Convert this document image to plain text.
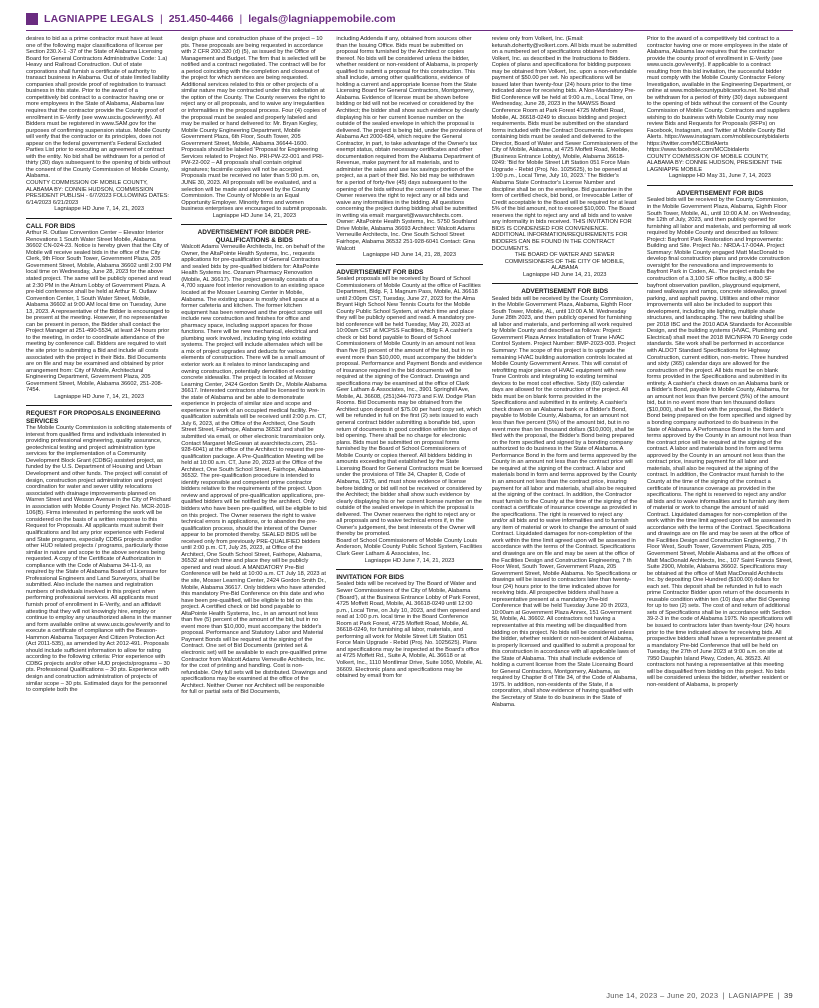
LAGNIAPPE LEGALS | 251.450-4466 | legals@lagniappemobile.com

desires to bid as a prime contractor must have at least one of the following major classifications of license per Section 230.X-1 -37 of the State of Alabama Licensing Board for General Contractors Administrative Code: 1.a) Heavy and Railroad Construction. Out of state corporations shall furnish a certificate of authority to transact business in Alabama. Out of state limited liability companies shall provide proof of registration to transact business in this state. Prior to the award of a competitively bid contract to a contractor having one or more employees in the State of Alabama, Alabama law requires that the contractor provide the County proof of enrollment in E-Verify (see www.uscis.gov/everify). All Bidders must be registered in www.SAM.gov for the purposes of confirming suspension status. Mobile County will verify that the contractor or its principles, does not appear on the federal government's Federal Excluded Parties List prior to executing an agreement of contract with the entity. No bid shall be withdrawn for a period of thirty (30) days subsequent to the opening of bids without the consent of the County Commission of Mobile County, Alabama.

COUNTY COMMISSION OF MOBILE COUNTY, ALABAMA BY: CONNIE HUDSON, COMMISSION PRESIDENT PUBLISH - 6/7/2023 FOLLOWING DATES: 6/14/2023 6/21/2023

Lagniappe HD June 7, 14, 21, 2023

CALL FOR BIDS

Arthur R. Outlaw Convention Center – Elevator Interior Renovations 1 South Water Street Mobile, Alabama 36602 CN-024-23. Notice is hereby given that the City of Mobile will receive sealed bids in the office of the City Clerk, 9th Floor South Tower, Government Plaza, 205 Government Street, Mobile, Alabama 36602 until 2:00 PM local time on Wednesday, June 28, 2023 for the above stated project. The same will be publicly opened and read at 2:30 PM in the Atrium Lobby of Government Plaza. A pre-bid conference shall be held at Arthur R. Outlaw Convention Center, 1 South Water Street, Mobile, Alabama 36602 at 9:00 AM local time on Tuesday, June 13, 2023. A representative of the Bidder is encouraged to be present at the meeting. However, if no representative can be present in person, the Bidder shall contact the Project Manager at 251-490-5534, at least 24 hours prior to the meeting, in order to coordinate attendance of the meeting by conference call. Bidders are required to visit the site prior to submitting a Bid and include all costs associated with the project in their Bids. Bid Documents are on file and may be examined and obtained by prior arrangement from: City of Mobile, Architectural Engineering Department, Government Plaza, 205 Government Street, Mobile, Alabama 36602, 251-208-7454.

Lagniappe HD June 7, 14, 21, 2023

REQUEST FOR PROPOSALS ENGINEERING SERVICES

The Mobile County Commission is soliciting statements of interest from qualified firms and individuals interested in providing professional engineering, quality assurance, geotechnical testing and project administration type services for the implementation of a Community Development Block Grant (CDBG) assisted project, as funded by the U.S. Department of Housing and Urban Development and other funds. The project will consist of design, construction project administration and project coordination for water and sewer utility relocations associated with drainage improvements planned on Warren Street and Wesson Avenue in the City of Prichard in association with Mobile County Project No. MCR-2018-106(B). Firms interested in performing the work will be considered on the basis of a written response to this Request for Proposals. All applicants must submit their qualifications and list any prior experience with Federal and State programs, especially CDBG projects and/or other HUD related projects / programs, particularly those similar in nature and scope to the above services being requested. A copy of the Certificate of Authorization in compliance with the Code of Alabama 34-11-9, as required by the State of Alabama Board of Licensure for Professional Engineers and Land Surveyors, shall be submitted. Also include the names and registration numbers of individuals involved in this project when performing professional services. All applicants must furnish proof of enrollment in E-Verify, and an affidavit attesting that they will not knowingly hire, employ or continue to employ any unauthorized aliens in the manner and form available online at www.uscis.gov/everify and to execute a certificate of compliance with the Beason-Hammon Alabama Taxpayer And Citizen Protection Act (Act 2011-535), as amended by Act 2012-491. Proposals should include sufficient information to allow for rating according to the following criteria: Prior experience with CDBG projects and/or other HUD projects/programs – 30 pts. Professional Qualifications – 30 pts. Experience with design and construction administration of projects of similar scope – 30 pts. Estimated days for the personnel to complete both the

design phase and construction phase of the project – 10 pts. These proposals are being requested in accordance with 2 CFR 200.320 (d) (5), as issued by the Office of Management and Budget. The firm that is selected will be notified and a contract negotiated. The contract will be for a period coinciding with the completion and closeout of the project for which services are being requested. Additional services related to this or other projects of a similar nature may be contracted under this solicitation at the option of the County. The County reserves the right to reject any or all proposals, and to waive any irregularities or informalities in the proposal process. Four (4) copies of the proposal must be sealed and properly labeled and may be mailed or hand delivered to: Mr. Bryan Kegley, Mobile County Engineering Department, Mobile Government Plaza, 6th Floor, South Tower, 205 Government Street, Mobile, Alabama 36644-1600. Proposals should be labeled 'Proposal for Engineering Services related to Project No. PRI-PW-22-001 and PRI-PW-22-002 – All proposals shall contain original signatures; facsimile copies will not be accepted. Proposals must be received no later than 5:00 p.m. on, JUNE 30, 2023. All proposals will be evaluated, and a selection will be made and approved by the County Commission. The County of Mobile is an Equal Opportunity Employer. Minority firms and women business enterprises are encouraged to submit proposals.

Lagniappe HD June 14, 21, 2023

ADVERTISEMENT FOR BIDDER PRE-QUALIFICATIONS & BIDS

Walcott Adams Verneuille Architects, Inc. on behalf of the Owner, the AltaPointe Health Systems, Inc., requests applications for pre-qualification of General Contractors and sealed bids by pre-qualified bidders for: AltaPointe Health Systems Inc. Ozanam Pharmacy Renovation (Mobile, AL 36617). The project generally consists of a 4,700 square foot interior renovation to an existing space located at the Mosser Learning Center in Mobile, Alabama. The existing space is mostly shell space at a former cafeteria and kitchen. The former kitchen equipment has been removed and the project scope will include new construction and finishes for office and pharmacy space, including support spaces for those functions. There will be new mechanical, electrical and plumbing work involved, including tying into existing systems. The project will include alternates which will be a mix of project upgrades and deducts for various elements of construction. There will be a small amount of exterior work as it relates to minor landscaping and owning construction, potentially demolition of existing concrete sidewalks. The project is located at Mosser Learning Center, 2424 Gordon Smith Dr., Mobile Alabama 36617. Interested contractors shall be licensed to work in the state of Alabama and be able to demonstrate experience in projects of similar size and scope and experience in work of an occupied medical facility. Pre-qualification submittals will be received until 2:00 p.m. CT, July 6, 2023, at the Office of the Architect, One South Street Street, Fairhope, Alabama 36532 and shall be submitted via email, or other electronic transmission only. Contact Margaret McGowan at avarchitects.com, 251-928-6041) at the office of the Architect to request the pre-qualification package. A Pre-Qualification Meeting will be held at 10:00 a.m. CT, June 20, 2023 at the Office of the Architect, One South School Street, Fairhope, Alabama 36532. The pre-qualification procedure is intended to identify responsible and competent prime contractor bidders relative to the requirements of the project. Upon review and approval of pre-qualification applications, pre-qualified bidders will be notified by the architect. Only bidders who have been pre-qualified, will be eligible to bid on this project. The Owner reserves the right to waive technical errors in applications, or to abandon the pre-qualification process, should the interest of the Owner appear to be promoted thereby. SEALED BIDS will be received only from previously PRE-QUALIFIED bidders until 2:00 p.m. CT, July 25, 2023, at Office of the Architect, One South School Street, Fairhope, Alabama, 36532 at which time and place they will be publicly opened and read aloud. A MANDATORY Pre-Bid Conference will be held at 10:00 a.m. CT July 18, 2023 at the site, Mosser Learning Center, 2424 Gordon Smith Dr., Mobile, Alabama 36617. Only bidders who have attended this mandatory Pre-Bid Conference on this date and who have been pre-qualified, will be eligible to bid on this project. A certified check or bid bond payable to AltaPointe Health Systems, Inc., in an amount not less than five (5) percent of the amount of the bid, but in no event more than $10,000, must accompany the bidder's proposal. Performance and Statutory Labor and Material Payment Bonds will be required at the signing of the Contract. One set of Bid Documents (printed set & electronic set) will be available to each pre-qualified prime Contractor from Walcott Adams Verneuille Architects, Inc. for the cost of printing and handling. Cost is non-refundable. Only full sets will be distributed. Drawings and specifications may be examined at the office of the Architect. Neither Owner nor Architect will be responsible for full or partial sets of Bid Documents,

including Addenda if any, obtained from sources other than the Issuing Office. Bids must be submitted on proposal forms furnished by the Architect or copies thereof. No bids will be considered unless the bidder, whether resident or non-resident of Alabama, is properly qualified to submit a proposal for this construction. This shall include, among other qualifications, evidence of holding a current and appropriate license from the State Licensing Board for General Contractors, Montgomery, Alabama. Evidence of license must be shown before bidding or bid will not be received or considered by the Architect; the bidder shall show such evidence by clearly displaying his or her current license number on the outside of the sealed envelope in which the proposal is delivered. The project is being bid, under the provisions of Alabama Act 2000-684, which require the General Contractor, in part, to take advantage of the Owner's tax exempt status, obtain necessary certificates and other documentation required from the Alabama Department of Revenue, make payment for all materials, and to administer the sales and use tax savings portion of the project, as a part of their Bid. No bid may be withdrawn for a period of forty-five (45) days subsequent to the opening of the bids without the consent of the Owner. The Owner reserves the right to reject any or all bids and waive any informalities in the bidding. All questions concerning the project during bidding shall be submitted in writing via email: margaret@wavarchitects.com.

Owner: AltaPointe Health Systems, Inc. 5750 Southland Drive Mobile, Alabama 36693 Architect: Walcott Adams Verneuille Architects, Inc. One South School Street Fairhope, Alabama 36532 251-928-6041 Contact: Gina Walcott

Lagniappe HD June 14, 21, 28, 2023

ADVERTISEMENT FOR BIDS

Sealed proposals will be received by Board of School Commissioners of Mobile County at the office of Facilities Department, Bldg. F, 1 Magnum Pass, Mobile, AL 36618 until 2:00pm CST, Tuesday, June 27, 2023 for the Alma Bryant High School New Tennis Courts for the Mobile County Public School System, at which time and place they will be publicly opened and read. A mandatory pre-bid conference will be held Tuesday, May 20, 2023 at 10:00am CST at MCPSS Facilities, Bldg F. A cashier's check or bid bond payable to Board of School Commissioners of Mobile County in an amount not less than five (5) percent of the amount of the bid, but in no event more than $10,000, must accompany the bidder's proposal. Performance and Payment Bonds and evidence of insurance required in the bid documents will be required at the signing of the Contract. Drawings and specifications may be examined at the office of Clark Geer Latham & Associates, Inc., 3901 Springhill Ave, Mobile, AL 36608, (251)344-7073 and F.W. Dodge Plan Rooms. Bid Documents may be obtained from the Architect upon deposit of $75.00 per hard copy set, which will be refunded in full on the first (2) sets issued to each general contract bidder submitting a bonafide bid, upon return of documents in good condition within ten days of bid opening. There shall be no charge for electronic plans. Bids must be submitted on proposal forms furnished by the Board of School Commissioners of Mobile County or copies thereof. All bidders bidding in amounts exceeding that established by the State Licensing Board for General Contractors must be licensed under the provisions of Title 34, Chapter 8, Code of Alabama, 1975, and must show evidence of license before bidding or bid will not be received or considered by the Architect; the bidder shall show such evidence by clearly displaying his or her current license number on the outside of the sealed envelope in which the proposal is delivered. The Owner reserves the right to reject any or all proposals and to waive technical errors if, in the Owner's judgement, the best interests of the Owner will thereby be promoted.

Board of School Commissioners of Mobile County Louis Anderson, Mobile County Public School System, Facilities Clark Geer Latham & Associates, Inc.

Lagniappe HD June 7, 14, 21, 2023

INVITATION FOR BIDS

Sealed bids will be received by The Board of Water and Sewer Commissioners of the City of Mobile, Alabama ('Board'), at the Business Entrance Lobby of Park Forest, 4725 Moffett Road, Mobile, AL 36618-0249 until 12:00 p.m., Local Time, on July 10, 2023, and then opened and read at 1:00 p.m. local time in the Board Conference Room at Park Forest, 4725 Moffett Road, Mobile, AL 36618-0249, for furnishing all labor, materials, and performing all work for Mobile Street Lift Station 051 Force Main Upgrade - Rebid (Proj. No. 1025625). Plans and specifications may be inspected at the Board's office at 4725 Moffett Rd., Suite A, Mobile, AL 36618 or at Volkert, Inc., 1110 Montlimar Drive, Suite 1050, Mobile, AL 36609. Electronic plans and specifications may be obtained by email from for

review only from Volkert, Inc. (Email: keturah.dohertty@volkert.com. All bids must be submitted on a numbered set of specifications obtained from Volkert, Inc. as described in the Instructions to Bidders. Copies of plans and specifications for bidding purposes may be obtained from Volkert, Inc. upon a non-refundable payment of $50.00 per set. No specifications will be issued later than twenty-four (24) hours prior to the time indicated above for receiving bids. A Non-Mandatory Pre-Bid Conference will be held at 9:00 a.m., Local Time, on Wednesday, June 28, 2023 in the MAWSS Board Conference Room at Park Forest 4725 Moffett Road, Mobile, AL 36618-0249 to discuss bidding and project requirements. Bids must be submitted on the standard forms included with the Contract Documents. Envelopes containing bids must be sealed and delivered to the Director, Board of Water and Sewer Commissioners of the City of Mobile, Alabama, at 4725 Moffett Road, Mobile, (Business Entrance Lobby), Mobile, Alabama 36618-0249: 'Bid for Mobile Street Lift Station 051 Force Main Upgrade - Rebid (Proj. No. 1025625), to be opened at 1:00 p.m., Local Time, July 10, 2023.' The Bidder's Alabama State Contractor's License Number and discipline shall be on the envelope. Bid guarantee in the form of certified check, bid bond, or Irrevocable Letter of Credit acceptable to the Board will be required for at least 5% of the bid amount, not to exceed $10,000. The Board reserves the right to reject any and all bids and to waive any informality in bids received. THIS INVITATION FOR BIDS IS CONDENSED FOR CONVENIENCE. ADDITIONAL INFORMATION/REQUIREMENTS FOR BIDDERS CAN BE FOUND IN THE CONTRACT DOCUMENTS.

THE BOARD OF WATER AND SEWER COMMISSIONERS OF THE CITY OF MOBILE, ALABAMA

Lagniappe HD June 14, 21, 2023

ADVERTISEMENT FOR BIDS

Sealed bids will be received by the County Commission, in the Mobile Government Plaza, Alabama, Eighth Floor South Tower, Mobile, AL, until 10:00 A.M. Wednesday June 28th 2023, and then publicly opened for furnishing all labor and materials, and performing all work required by Mobile County and described as follows: Project: Government Plaza Annex Installation of Trane HVAC Control System. Project Number: BMP-2023-003. Project Summary: The scope of this project is to upgrade the remaining HVAC building automation controls located at Mobile County Government Annex. This will consist of retrofitting major pieces of HVAC equipment with new Trane Controls and integrating to existing terminal devices to be most cost effective. Sixty (60) calendar days are allowed for the construction of the project. All bids must be on blank forms provided in the Specifications and submitted in its entirety. A cashier's check drawn on an Alabama bank or a Bidder's Bond, payable to Mobile County, Alabama, for an amount not less than five percent (5%) of the amount bid, but in no event more than ten thousand dollars ($10,000), shall be filed with the proposal, the Bidder's Bond being prepared on the form specified and signed by a bonding company authorized to do business in the State of Alabama. A Performance Bond in the form and terms approved by the County in an amount not less than the contract price will be required at the signing of the contract. A labor and materials bond in form and terms approved by the County in an amount not less than the contract price, insuring payment for all labor and materials, shall also be required at the signing of the contract. In addition, the Contractor must furnish to the County at the time of the signing of the contract a certificate of insurance coverage as provided in the specifications. The right is reserved to reject any and/or all bids and to waive informalities and to furnish any item of material or work to change the amount of said Contract. Liquidated damages for non-completion of the work within the time limit agreed upon will be assessed in accordance with the terms of the Contract. Specifications and drawings are on file and may be seen at the office of the Facilities Design and Construction Engineering, 7 th Floor West, South Tower, Government Plaza, 205 Government Street, Mobile Alabama. No Specifications or drawings will be issued to contractors later than twenty-four (24) hours prior to the time indicated above for receiving bids. All prospective bidders shall have a representative present at a mandatory Pre-bid Conference that will be held Tuesday June 20 th 2023, 10:00am at Government Plaza Annex, 151 Government St, Mobile, AL 36602. All contractors not having a representative at this meeting will be disqualified from bidding on this project. No bids will be considered unless the bidder, whether resident or non-resident of Alabama, is properly licensed and qualified to submit a proposal for this construction in accordance with all applicable laws of the State of Alabama. This shall include evidence of holding a current license from the State Licensing Board for General Contractors, Montgomery, Alabama, as required by Chapter 8 of Title 34, of the Code of Alabama, 1975. In addition, non-residents of the State, if a corporation, shall show evidence of having qualified with the Secretary of State to do business in the State of Alabama.

Prior to the award of a competitively bid contract to a contractor having one or more employees in the state of Alabama, Alabama law requires that the contractor provide the county proof of enrollment in E-Verify (see www.uscis.gov/everify). If applicable to a contract resulting from this bid invitation, the successful bidder must comply with the Mobile County Contractor Felony Investigation, available in the Engineering Department, or online at www.mobilecountypublicworks.net. No bid shall be withdrawn for a period of thirty (30) days subsequent to the opening of bids without the consent of the County Commission of Mobile County. Contractors and suppliers wishing to do business with Mobile County may now review Bids and Requests for Proposals (RFPs) on Facebook, Instagram, and Twitter at Mobile County Bid Alerts. https://www.instagram.com/mobilecountybidalerts https://twitter.com/MCCBidAlerts https://www.facebook.com/MCCbidalerts

COUNTY COMMISSION OF MOBILE COUNTY, ALABAMA BY: CONNIE HUDSON, PRESIDENT THE LAGNIAPPE MOBILE

Lagniappe HD May 31, June 7, 14, 2023

ADVERTISEMENT FOR BIDS

Sealed bids will be received by the County Commission, in the Mobile Government Plaza, Alabama, Eighth Floor South Tower, Mobile, AL, until 10:00 A.M. on Wednesday, the 12th of July, 2023, and then publicly opened for furnishing all labor and materials, and performing all work required by Mobile County and described as follows: Project: Bayfront Park Restoration and Improvements: Building and Site. Project No.: NRDA-17-004A. Project Summary: Mobile County engaged Matt MacDonald to develop final construction plans and provide construction oversight for the renovations and improvements to Bayfront Park in Coden, AL. The project entails the construction of a 3,100 SF office facility, a 800 SF bayfront observation pavilion, playground equipment, raised walkways and ramps, concrete sidewalks, gravel parking, and asphalt paving. Utilities and other minor improvements will also be included to support this development, including site lighting, multiple shade structures, and landscaping. The new building shall be per 2018 IBC and the 2010 ADA Standards for Accessible Design, and the building systems (HVAC, Plumbing and Electrical) shall meet the 2018 IMC/NFPA 70 Energy code standards. Site work shall be performed in accordance with ALDOT Standard Specifications for Highway Construction, current edition, non-metric. Three hundred and sixty (365) calendar days are allowed for the construction of the project. All bids must be on blank forms provided in the Specifications and submitted in its entirety. A cashier's check drawn on an Alabama bank or a Bidder's Bond, payable to Mobile County, Alabama, for an amount not less than five percent (5%) of the amount bid, but in no event more than ten thousand dollars ($10,000), shall be filed with the proposal, the Bidder's Bond being prepared on the form specified and signed by a bonding company authorized to do business in the State of Alabama. A Performance Bond in the form and terms approved by the County in an amount not less than the contract price will be required at the signing of the contract. A labor and materials bond in form and terms approved by the County in an amount not less than the contract price, insuring payment for all labor and materials, shall also be required at the signing of the contract. In addition, the Contractor must furnish to the County at the time of the signing of the contract a certificate of insurance coverage as provided in the specifications. The right is reserved to reject any and/or all bids and to waive informalities and to furnish any item of material or work to change the amount of said Contract. Liquidated damages for non-completion of the work within the time limit agreed upon will be assessed in accordance with the terms of the Contract. Specifications and drawings are on file and may be seen at the office of the Facilities Design and Construction Engineering, 7 th Floor West, South Tower, Government Plaza, 205 Government Street, Mobile Alabama and at the offices of Matt MacDonald Architects, Inc., 107 Saint Francis Street, Suite 2900, Mobile, Alabama 36602. Specifications may be obtained at the office of Matt MacDonald Architects Inc. by depositing One Hundred ($100.00) dollars for each set. This deposit shall be refunded in full to each prime Contractor Bidder upon return of the documents in reusable condition within ten (10) days after Bid Opening for up to two (2) sets. The cost of and return of additional sets of Specifications shall be in accordance with Section 39-2-3 in the code of Alabama 1975. No specifications will be issued to contractors later than twenty-four (24) hours prior to the time indicated above for receiving bids. All prospective bidders shall have a representative present at a mandatory Pre-bid Conference that will be held on Tuesday, the 27th of June 2023 at 9:00 a.m. on site at 7950 Dauphin Island Pkwy, Coden, AL 36523. All contractors not having a representative at this meeting will be disqualified from bidding on this project. No bids will be considered unless the bidder, whether resident or non-resident of Alabama, is properly

June 14, 2023 – June 20, 2023 | LAGNIAPPE | 39
